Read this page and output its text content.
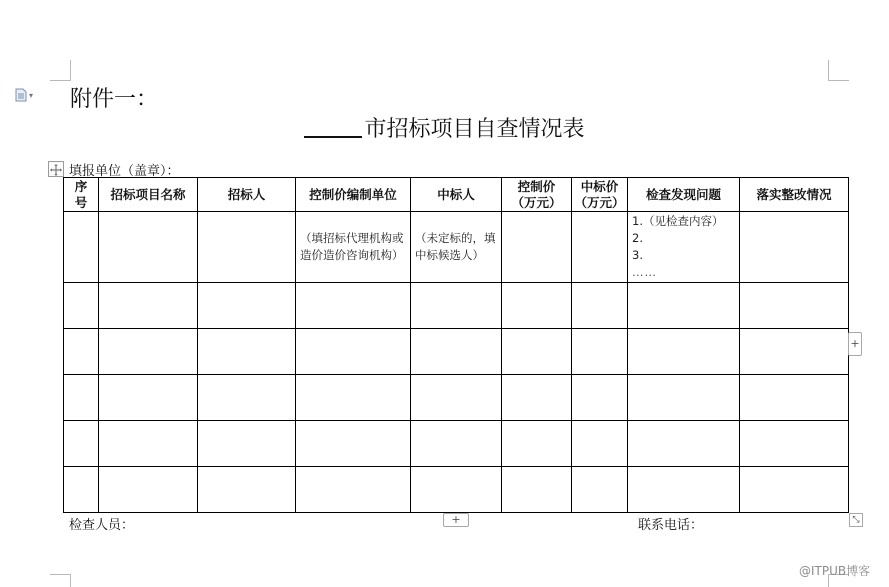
▾ 附件一：
市招标项目自查情况表
填报单位（盖章）：
序
号	招标项目名称	招标人	控制价编制单位	中标人	控制价
（万元）	中标价
（万元）	检查发现问题	落实整改情况
			（填招标代理机构或造价造价咨询机构）	（未定标的，填中标候选人）			1.（见检查内容）
2.
3.
……	

+
+	⤡
检查人员：	联系电话：
@ITPUB博客
